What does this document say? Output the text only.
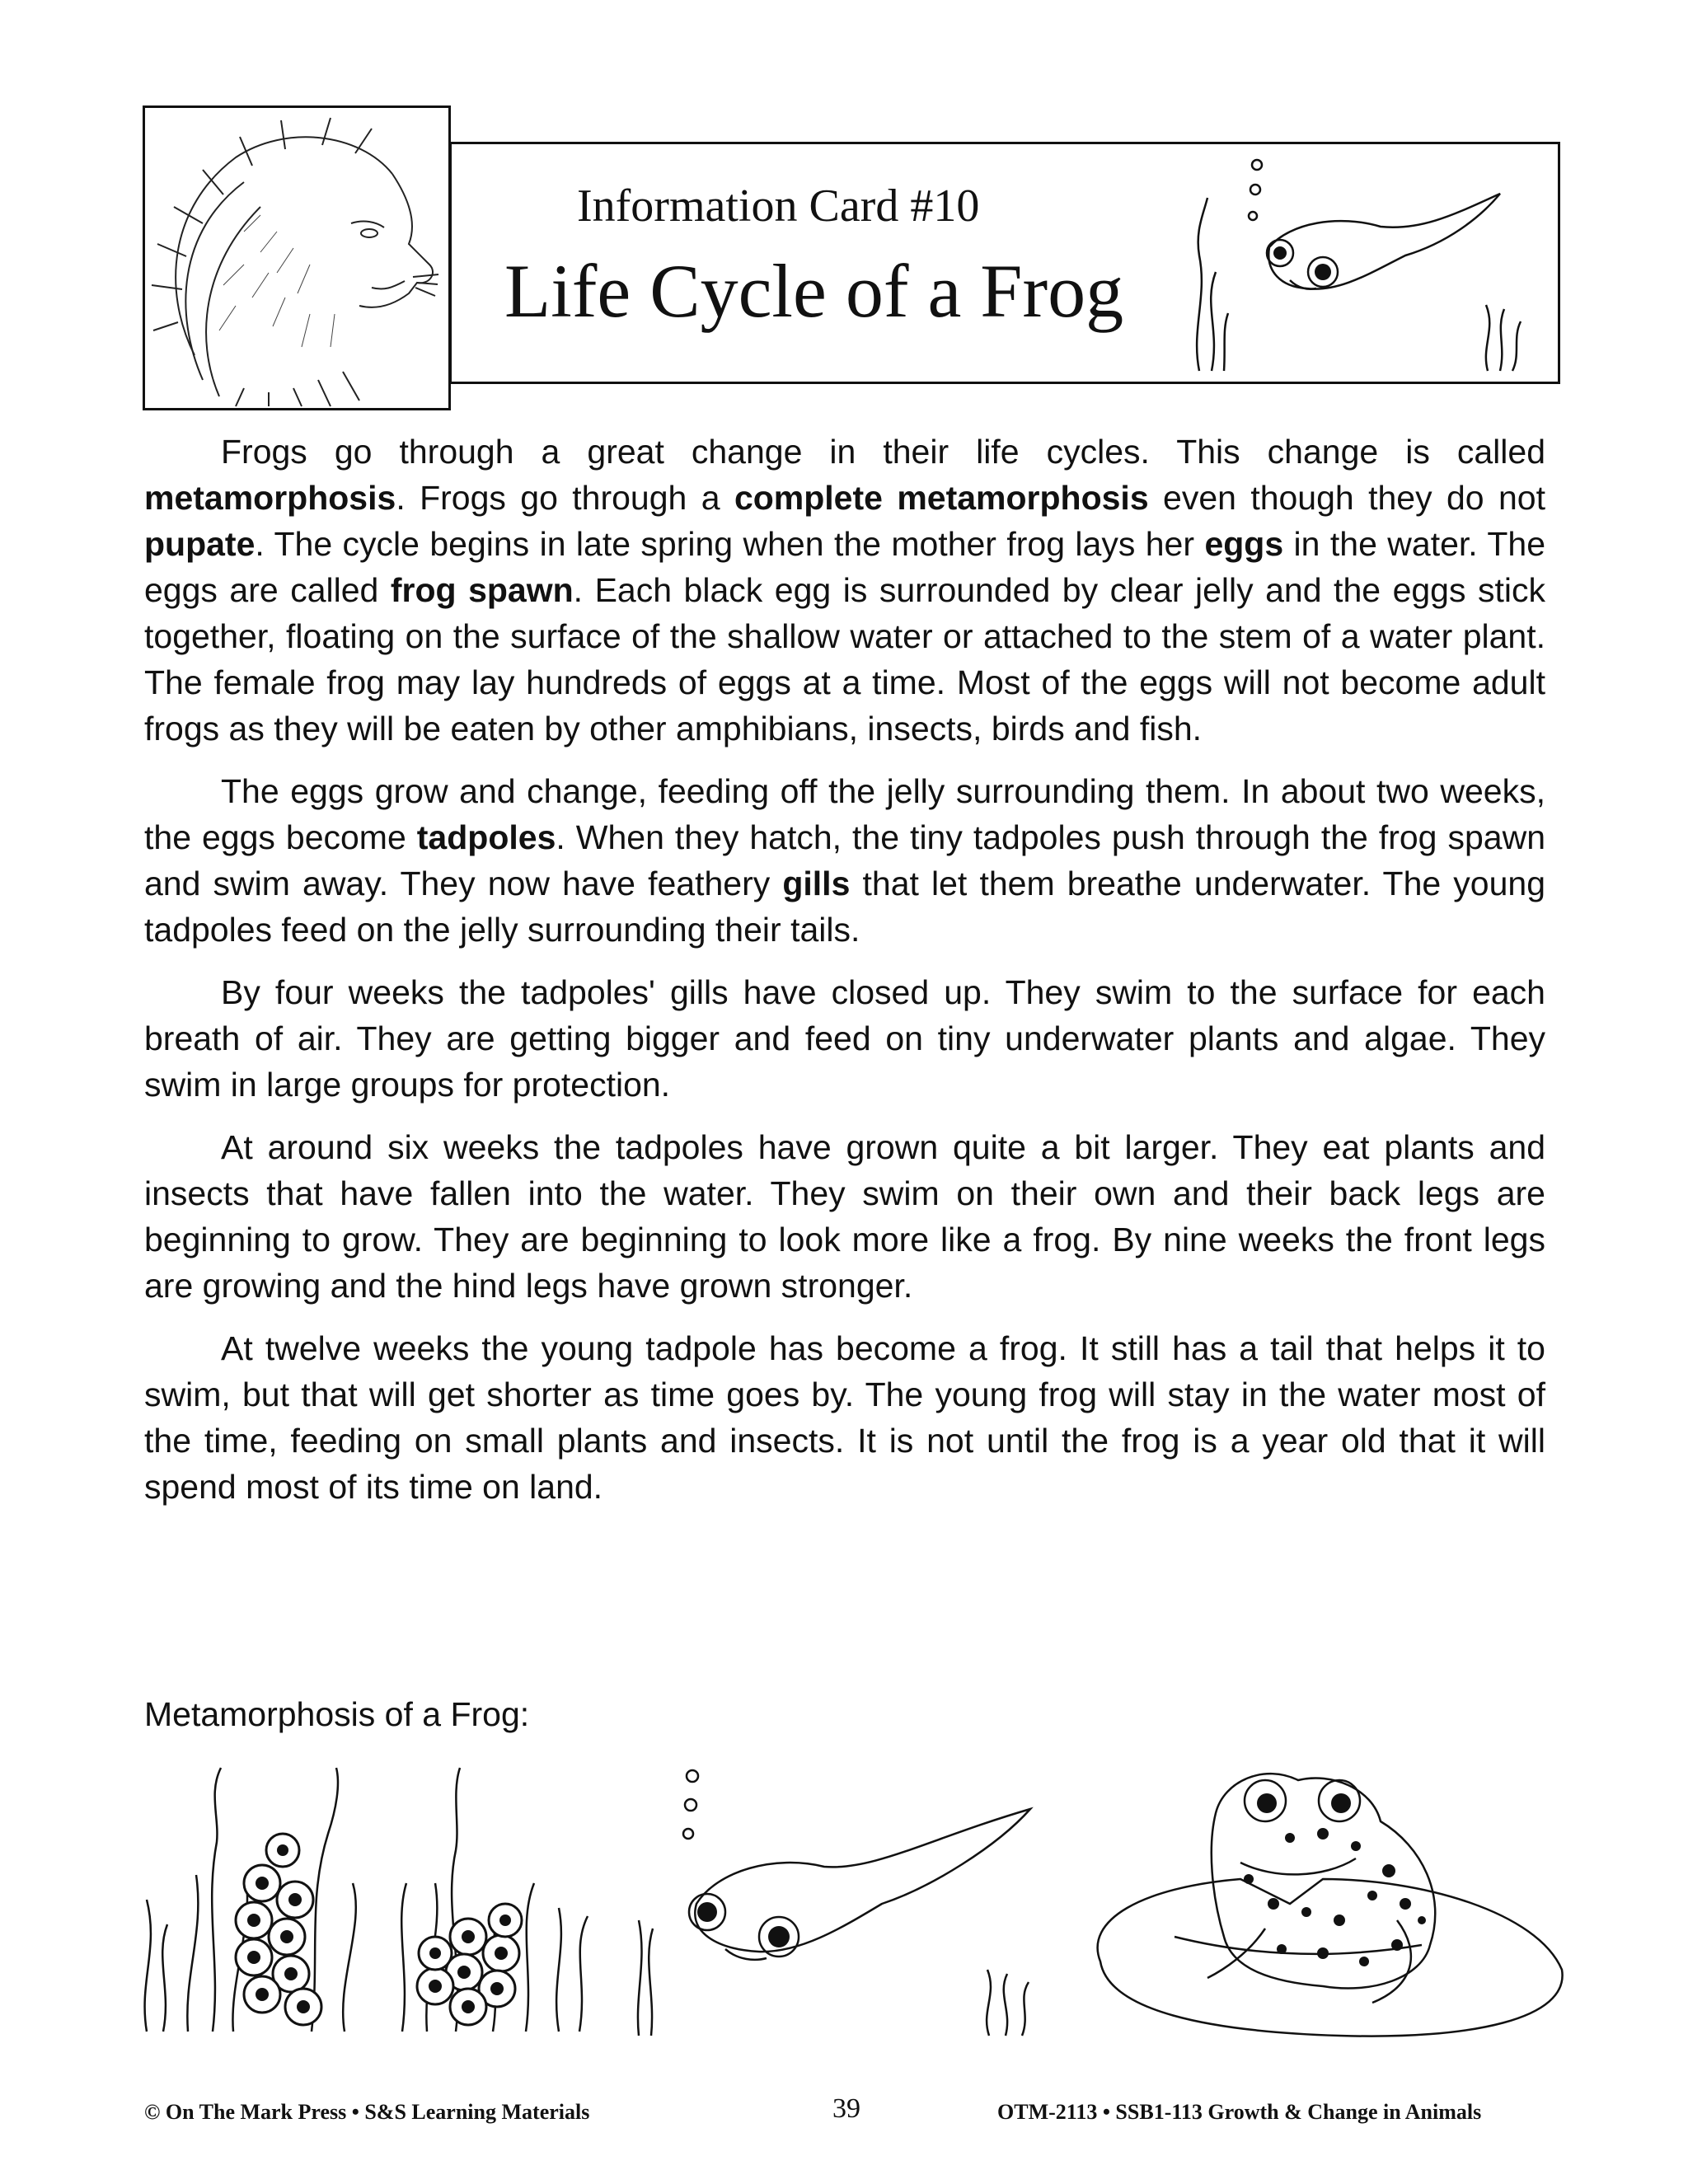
Information Card #10
Life Cycle of a Frog

Frogs go through a great change in their life cycles. This change is called metamorphosis. Frogs go through a complete metamorphosis even though they do not pupate. The cycle begins in late spring when the mother frog lays her eggs in the water. The eggs are called frog spawn. Each black egg is surrounded by clear jelly and the eggs stick together, floating on the surface of the shallow water or attached to the stem of a water plant. The female frog may lay hundreds of eggs at a time. Most of the eggs will not become adult frogs as they will be eaten by other amphibians, insects, birds and fish.

The eggs grow and change, feeding off the jelly surrounding them. In about two weeks, the eggs become tadpoles. When they hatch, the tiny tadpoles push through the frog spawn and swim away. They now have feathery gills that let them breathe underwater. The young tadpoles feed on the jelly surrounding their tails.

By four weeks the tadpoles' gills have closed up. They swim to the surface for each breath of air. They are getting bigger and feed on tiny underwater plants and algae. They swim in large groups for protection.

At around six weeks the tadpoles have grown quite a bit larger. They eat plants and insects that have fallen into the water. They swim on their own and their back legs are beginning to grow. They are beginning to look more like a frog. By nine weeks the front legs are growing and the hind legs have grown stronger.

At twelve weeks the young tadpole has become a frog. It still has a tail that helps it to swim, but that will get shorter as time goes by. The young frog will stay in the water most of the time, feeding on small plants and insects. It is not until the frog is a year old that it will spend most of its time on land.

Metamorphosis of a Frog:
© On The Mark Press • S&S Learning Materials	39	OTM-2113 • SSB1-113 Growth & Change in Animals
